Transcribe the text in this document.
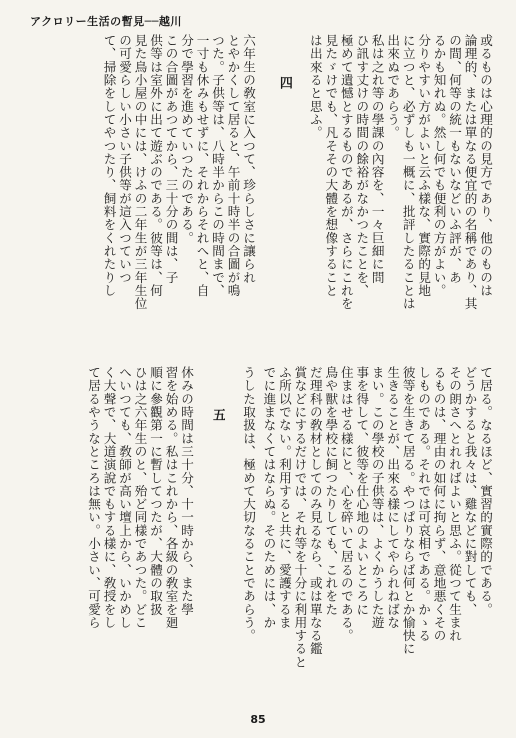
アクロリー生活の暫見──越川
或るものは心理的の見方であり、他のものは
論理的、または單なる便宜的の名稱であり、其
の間、何等の統一もないなどいふ評が、あ
るかも知れぬ。然し何でも便利の方がよい。
分りやすい方がよいと云ふ樣な、實際的見地
に立つと、必ずしも一概に、批評したることは
出來ぬであらう。
私は之れ等の學課の內容を、一々巨細に問
ひ訊す丈けの時間の餘裕がなかつたことを、
極めて遺憾とするものであるが、さらにこれを
見たゞけでも、凡そその大體を想像すること
は出來ると思ふ。
四
六年生の敎室に入つて、珍らしさに讓られ
とやかくして居ると、午前十時半の合圖が鳴
つた。子供等は、八時半からこの時間まで、
一寸も休みもせずに、それからそれへと、自
分で學習を進めていつたのである。
この合圖があつてから、三十分の間は、子
供等は室外に出て遊ぶのである。彼等は、何
見た鳥小屋の中には、けふの二年生が三年生位
の可愛らしい小さい子供等が這入つていつ
て、掃除をしてやつたり、飼料をくれたりし
て居る。なるほど、實習的實際的である。
どうかすると我々は、雞などに對しても、
その朗さへとれればよいと思ふ。從つて生まれ
るものは、理由の如何に拘らず、意地悪くその
しものである。それでは可哀相である。かゝる
彼等を生きて居る。やつぱりならば何とか愉快に
生きることが、出來る樣にしてやられねばな
まい。この學校の子供等は、よくかうした遊
事を得して、彼等を仕心地のよいところに
住まはせる樣にと、心を碎いて居るのである。
鳥や獸を學校に飼つたりしても、これをた
だ理科の敎材としてのみ見るなら、或は單なる鑑
賞などにするだけでは、それ等を十分に利用すると
ふ所以でない。利用すると共に、愛護するま
でに進まなくてはならぬ。そのためには、か
うした取扱は、極めて大切なることであらう。
五
休みの時間は三十分、十一時から、また學
習を始める。私はこれから、各級の敎室を廻
順に參觀第一に暫してつたが、大體の取扱
ひは之六年生のと、殆ど同樣であつた。どこ
へいつても、敎師が高い壇上から、いかめし
く大聲で、大道演說でもする樣に、敎授をし
て居るやうなところは無い。小さい、可愛ら
85
